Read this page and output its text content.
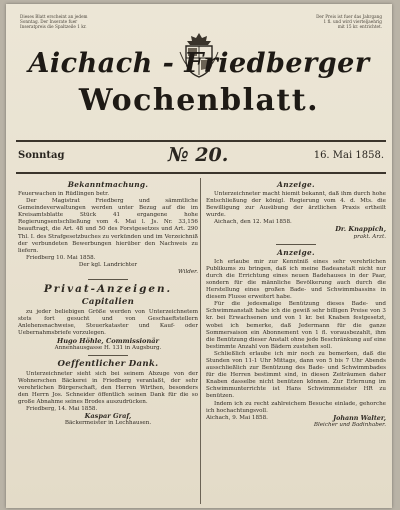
Dieses Blatt erscheint an jedem
Sonntag. Der Inserate fuer
Inseratpreis die Spaltzeile 1 kr.
Der Preis ist fuer das Jahrgang
1 fl. und wird vierteljaehrig
mit 15 kr. entrichtet.
Aichach - Friedberger
Wochenblatt.
Sonntag	№ 20.	16. Mai 1858.

Bekanntmachung.

Feuerwachen in Rüdlingen betr.

Der Magistrat Friedberg und sämmtliche Gemeindeverwaltungen werden unter Bezug auf die im Kreisamtsblatte Stück 41 ergangene hohe Regierungsentschließung vom 4. Mai l. Js. Nr. 33,156 beauftragt, die Art. 48 und 50 des Forstgesetzes und Art. 290 Thl. I. des Strafgesetzbuches zu verkünden und im Verzeichniß der verbundeten Bewerbungen hierüber den Nachweis zu liefern.

Friedberg 10. Mai 1858.

Der kgl. Landrichter

Wilder.

Privat-Anzeigen.

Capitalien

zu jeder beliebigen Größe werden von Unterzeichnetem stets fort gesucht und von Geschaeftstellern Anlehensnachweise, Steuerkataster und Kauf- oder Uebernahmsbriefe vorzulegen.

Hugo Höhle, Commissionär

Annenhausgasse H. 131 in Augsburg.

Oeffentlicher Dank.

Unterzeichneter sieht sich bei seinem Abzuge von der Wohnerschen Bäckerei in Friedberg veranlaßt, der sehr verehrlichen Bürgerschaft, den Herren Wirthen, besonders den Herrn Jos. Schneider öffentlich seinen Dank für die so große Abnahme seines Brodes auszudrücken.

Friedberg, 14. Mai 1858.

Kaspar Graf,

Bäckermeister in Lechhausen.

Anzeige.

Unterzeichneter macht hiemit bekannt, daß ihm durch hohe Entschließung der königl. Regierung vom 4. d. Mts. die Bewilligung zur Ausübung der ärztlichen Praxis ertheilt wurde.

Aichach, den 12. Mai 1858.

Dr. Knappich,

prakt. Arzt.

Anzeige.

Ich erlaube mir zur Kenntniß eines sehr verehrlichen Publikums zu bringen, daß ich meine Badeanstalt nicht nur durch die Errichtung eines neuen Badehauses in der Paar, sondern für die männliche Bevölkerung auch durch die Herstellung eines großen Bade- und Schwimmbassins in diesem Flusse erweitert habe.

Für die jedesmalige Benützung dieses Bade- und Schwimmanstalt habe ich die gewiß sehr billigen Preise von 3 kr. bei Erwachsenen und von 1 kr. bei Knaben festgesetzt, wobei ich bemerke, daß Jedermann für die ganze Sommersaison ein Abonnement von 1 fl. vorausbezahlt, ihm die Benützung dieser Anstalt ohne jede Beschränkung auf eine bestimmte Anzahl von Bädern zustehen soll.

Schließlich erlaube ich mir noch zu bemerken, daß die Stunden von 11-1 Uhr Mittags, dann von 5 bis 7 Uhr Abends ausschließlich zur Benützung des Bade- und Schwimmbades für die Herren bestimmt sind, in diesen Zeiträumen daher Knaben dasselbe nicht benützen können. Zur Erlernung im Schwimmunterrichte ist Hans Schwimmmeister HR zu benützen.

Indem ich zu recht zahlreichem Besuche einlade, gehorche ich hochachtungsvoll.

Aichach, 9. Mai 1858.	Johann Walter,

Bleicher und Badinhaber.
